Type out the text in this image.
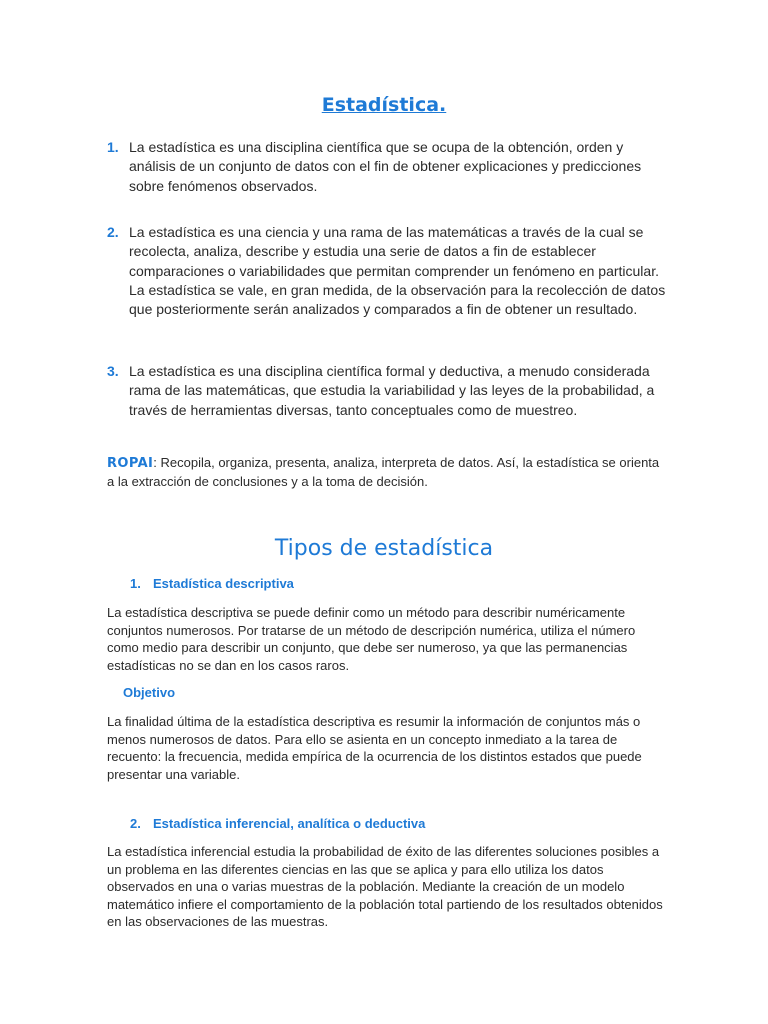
Estadística.
1. La estadística es una disciplina científica que se ocupa de la obtención, orden y análisis de un conjunto de datos con el fin de obtener explicaciones y predicciones sobre fenómenos observados.
2. La estadística es una ciencia y una rama de las matemáticas a través de la cual se recolecta, analiza, describe y estudia una serie de datos a fin de establecer comparaciones o variabilidades que permitan comprender un fenómeno en particular. La estadística se vale, en gran medida, de la observación para la recolección de datos que posteriormente serán analizados y comparados a fin de obtener un resultado.
3. La estadística es una disciplina científica formal y deductiva, a menudo considerada rama de las matemáticas, que estudia la variabilidad y las leyes de la probabilidad, a través de herramientas diversas, tanto conceptuales como de muestreo.
ROPAI: Recopila, organiza, presenta, analiza, interpreta de datos. Así, la estadística se orienta a la extracción de conclusiones y a la toma de decisión.
Tipos de estadística
1. Estadística descriptiva
La estadística descriptiva se puede definir como un método para describir numéricamente conjuntos numerosos. Por tratarse de un método de descripción numérica, utiliza el número como medio para describir un conjunto, que debe ser numeroso, ya que las permanencias estadísticas no se dan en los casos raros.
Objetivo
La finalidad última de la estadística descriptiva es resumir la información de conjuntos más o menos numerosos de datos. Para ello se asienta en un concepto inmediato a la tarea de recuento: la frecuencia, medida empírica de la ocurrencia de los distintos estados que puede presentar una variable.
2. Estadística inferencial, analítica o deductiva
La estadística inferencial estudia la probabilidad de éxito de las diferentes soluciones posibles a un problema en las diferentes ciencias en las que se aplica y para ello utiliza los datos observados en una o varias muestras de la población. Mediante la creación de un modelo matemático infiere el comportamiento de la población total partiendo de los resultados obtenidos en las observaciones de las muestras.
